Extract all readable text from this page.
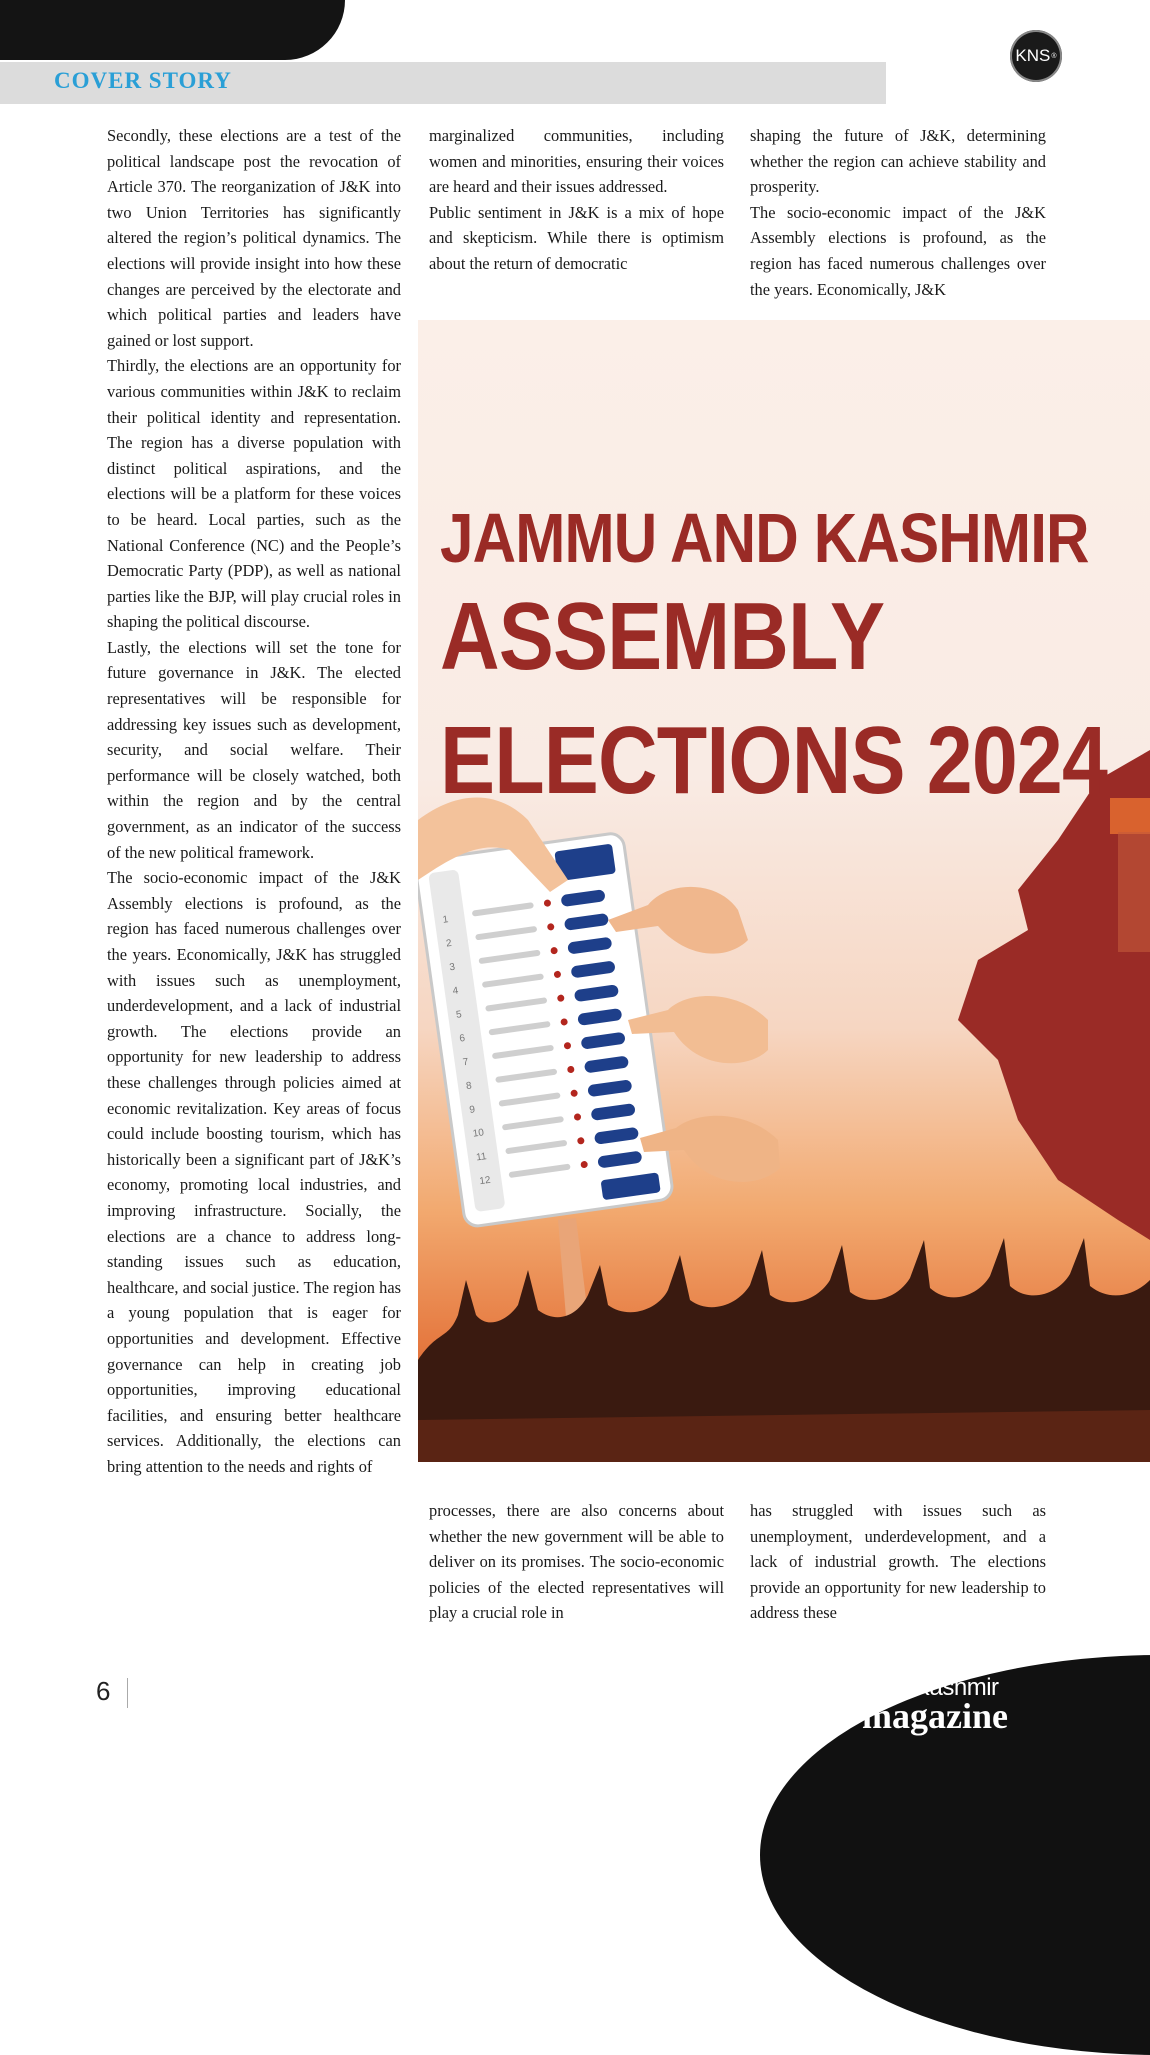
COVER STORY
KNS ®

Secondly, these elections are a test of the political landscape post the revocation of Article 370. The reorganization of J&K into two Union Territories has significantly altered the region’s political dynamics. The elections will provide insight into how these changes are perceived by the electorate and which political parties and leaders have gained or lost support.

Thirdly, the elections are an opportunity for various communities within J&K to reclaim their political identity and representation. The region has a diverse population with distinct political aspirations, and the elections will be a platform for these voices to be heard. Local parties, such as the National Conference (NC) and the People’s Democratic Party (PDP), as well as national parties like the BJP, will play crucial roles in shaping the political discourse.

Lastly, the elections will set the tone for future governance in J&K. The elected representatives will be responsible for addressing key issues such as development, security, and social welfare. Their performance will be closely watched, both within the region and by the central government, as an indicator of the success of the new political framework.

The socio-economic impact of the J&K Assembly elections is profound, as the region has faced numerous challenges over the years. Economically, J&K has struggled with issues such as unemployment, underdevelopment, and a lack of industrial growth. The elections provide an opportunity for new leadership to address these challenges through policies aimed at economic revitalization. Key areas of focus could include boosting tourism, which has historically been a significant part of J&K’s economy, promoting local industries, and improving infrastructure. Socially, the elections are a chance to address long-standing issues such as education, healthcare, and social justice. The region has a young population that is eager for opportunities and development. Effective governance can help in creating job opportunities, improving educational facilities, and ensuring better healthcare services. Additionally, the elections can bring attention to the needs and rights of

marginalized communities, including women and minorities, ensuring their voices are heard and their issues addressed.

Public sentiment in J&K is a mix of hope and skepticism. While there is optimism about the return of democratic

shaping the future of J&K, determining whether the region can achieve stability and prosperity.

The socio-economic impact of the J&K Assembly elections is profound, as the region has faced numerous challenges over the years. Economically, J&K

1
2
3
4
5
6
7
8
9
10
11
12
JAMMU AND KASHMIR
ASSEMBLY
ELECTIONS 2024

processes, there are also concerns about whether the new government will be able to deliver on its promises. The socio-economic policies of the elected representatives will play a crucial role in

has struggled with issues such as unemployment, underdevelopment, and a lack of industrial growth. The elections provide an opportunity for new leadership to address these

6	The Kashmir
magazine
